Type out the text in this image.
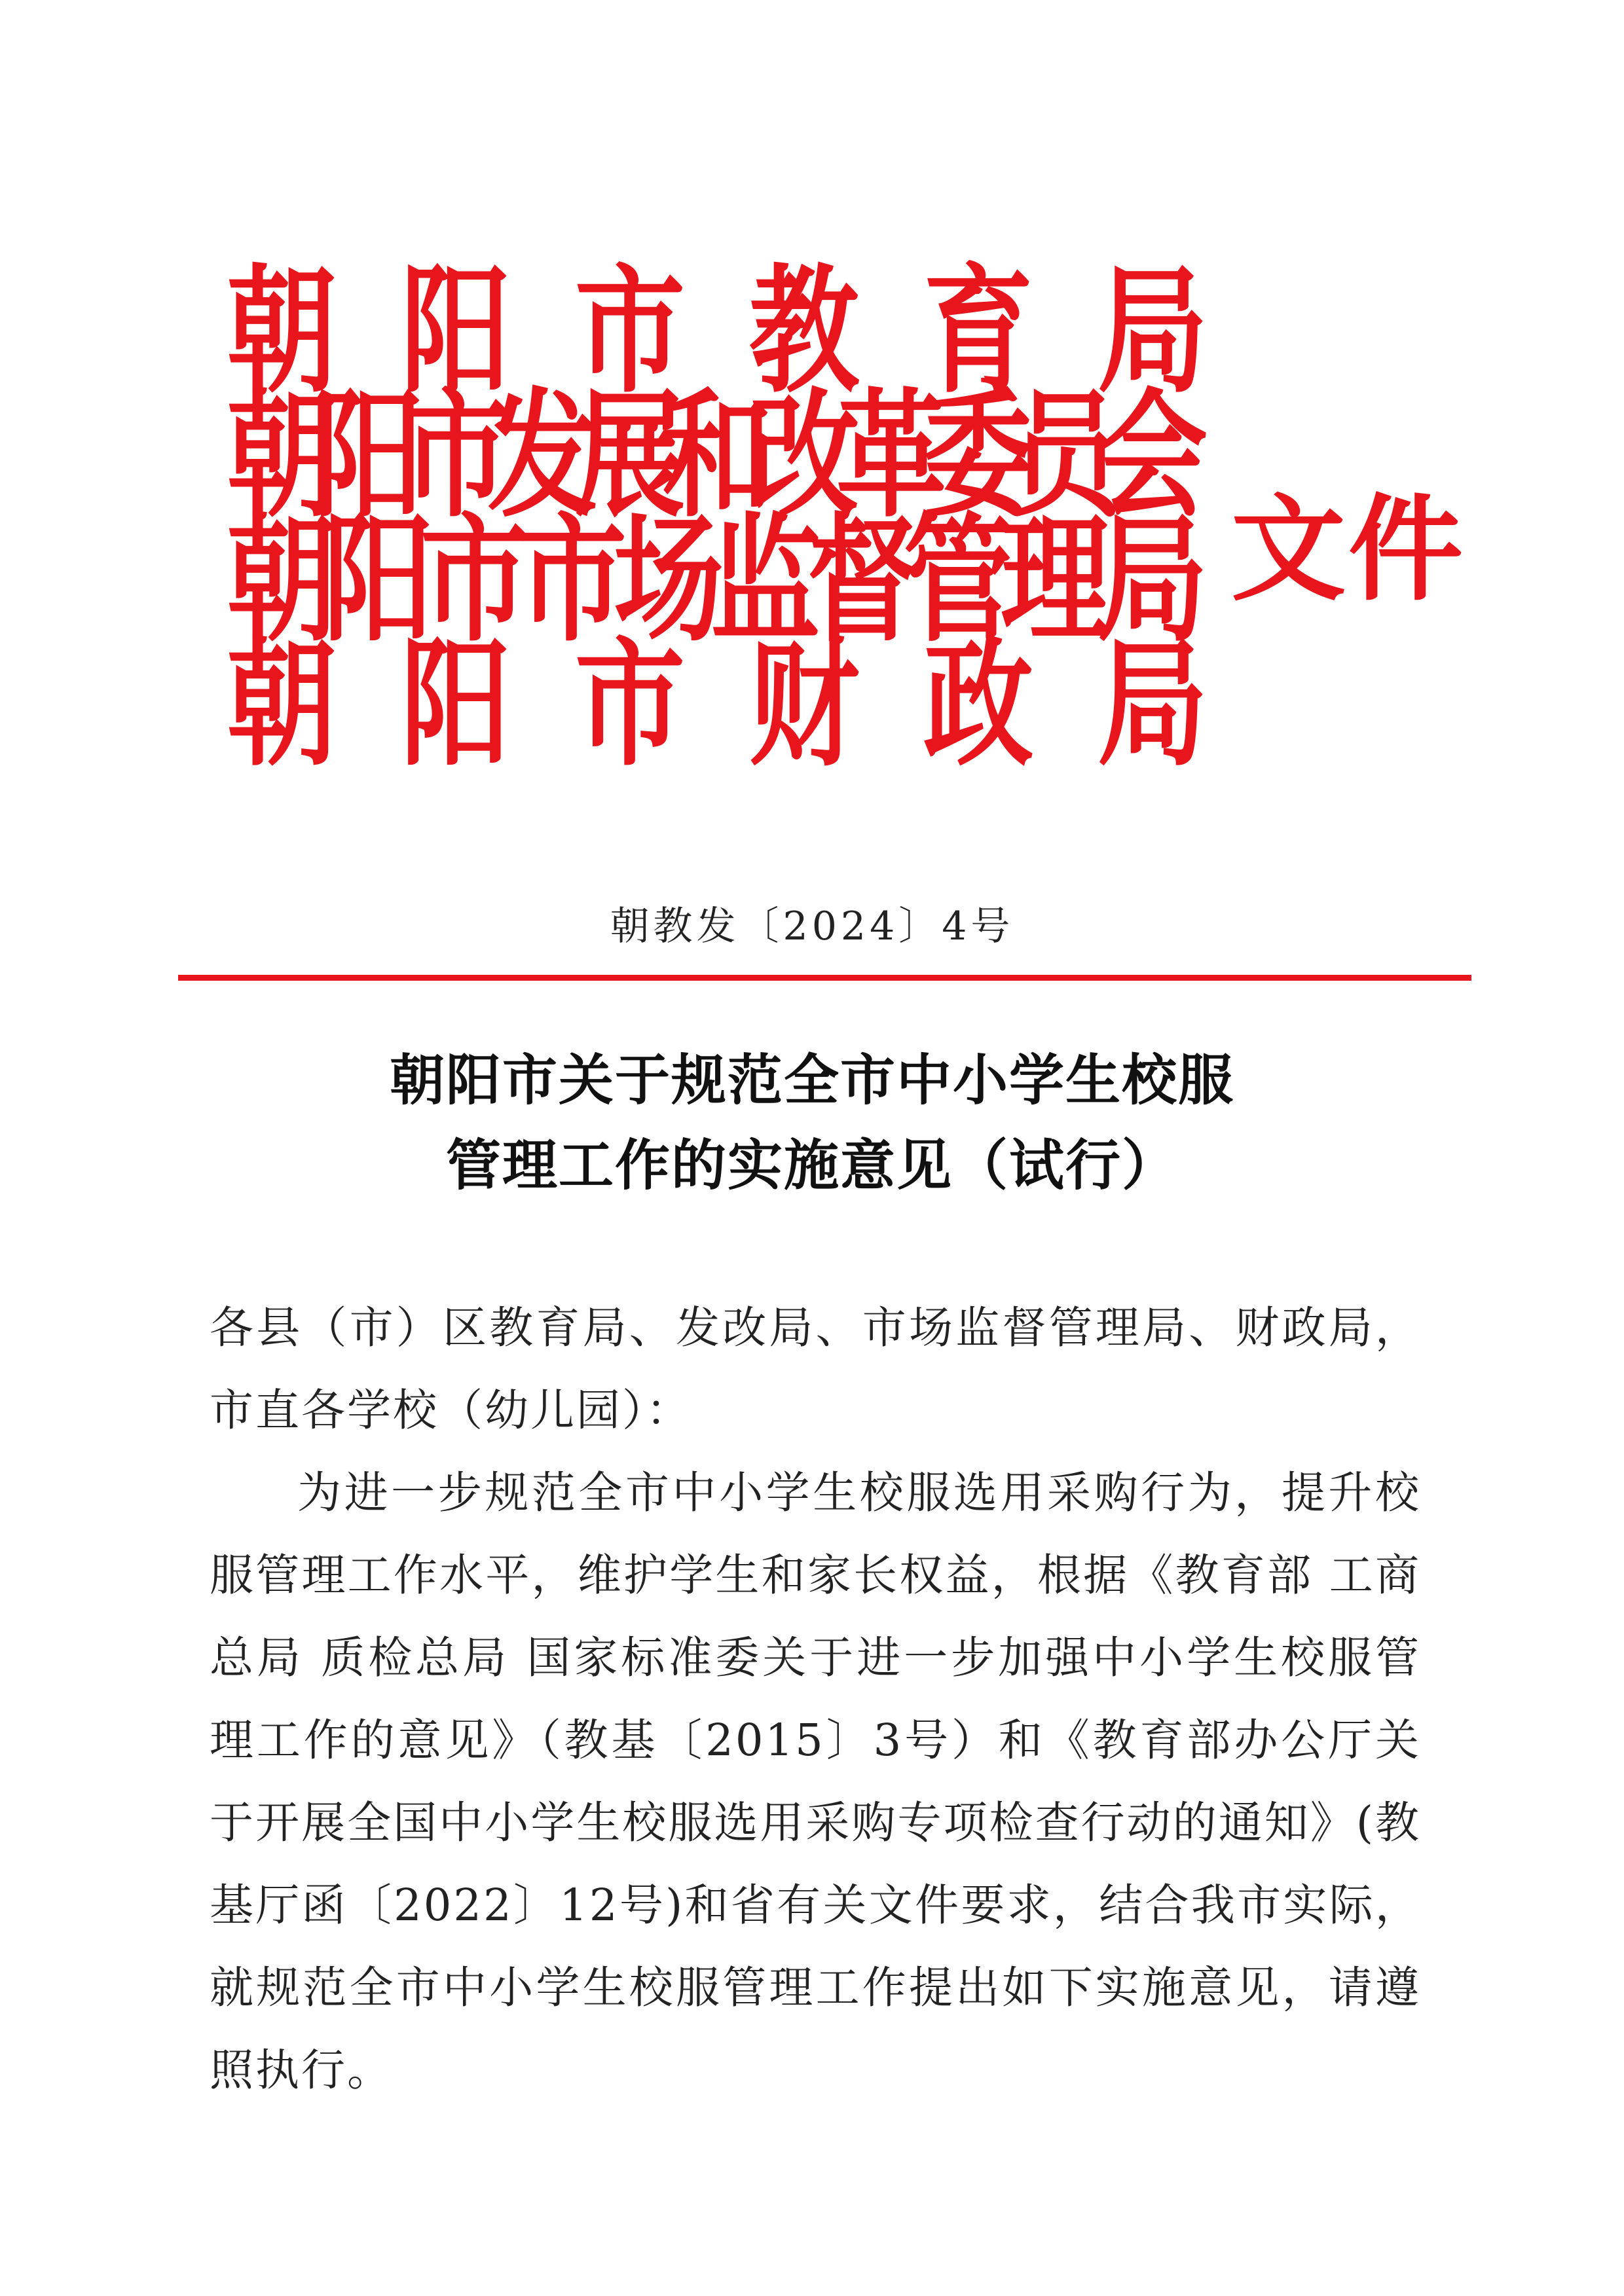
朝 阳 市 教 育 局
朝
阳
市
发
展
和
改
革
委
员
会
朝
阳
市
市
场
监
督
管
理
局
朝 阳 市 财 政 局
文件
朝教发〔2024〕4号
朝阳市关于规范全市中小学生校服
管理工作的实施意见（试行）

各县（市）区教育局、发改局、市场监督管理局、财政局，市直各学校（幼儿园）：

为进一步规范全市中小学生校服选用采购行为，提升校服管理工作水平，维护学生和家长权益，根据《教育部 工商总局 质检总局 国家标准委关于进一步加强中小学生校服管理工作的意见》（教基〔2015〕3号）和《教育部办公厅关于开展全国中小学生校服选用采购专项检查行动的通知》(教基厅函〔2022〕12号)和省有关文件要求，结合我市实际，就规范全市中小学生校服管理工作提出如下实施意见，请遵照执行。
